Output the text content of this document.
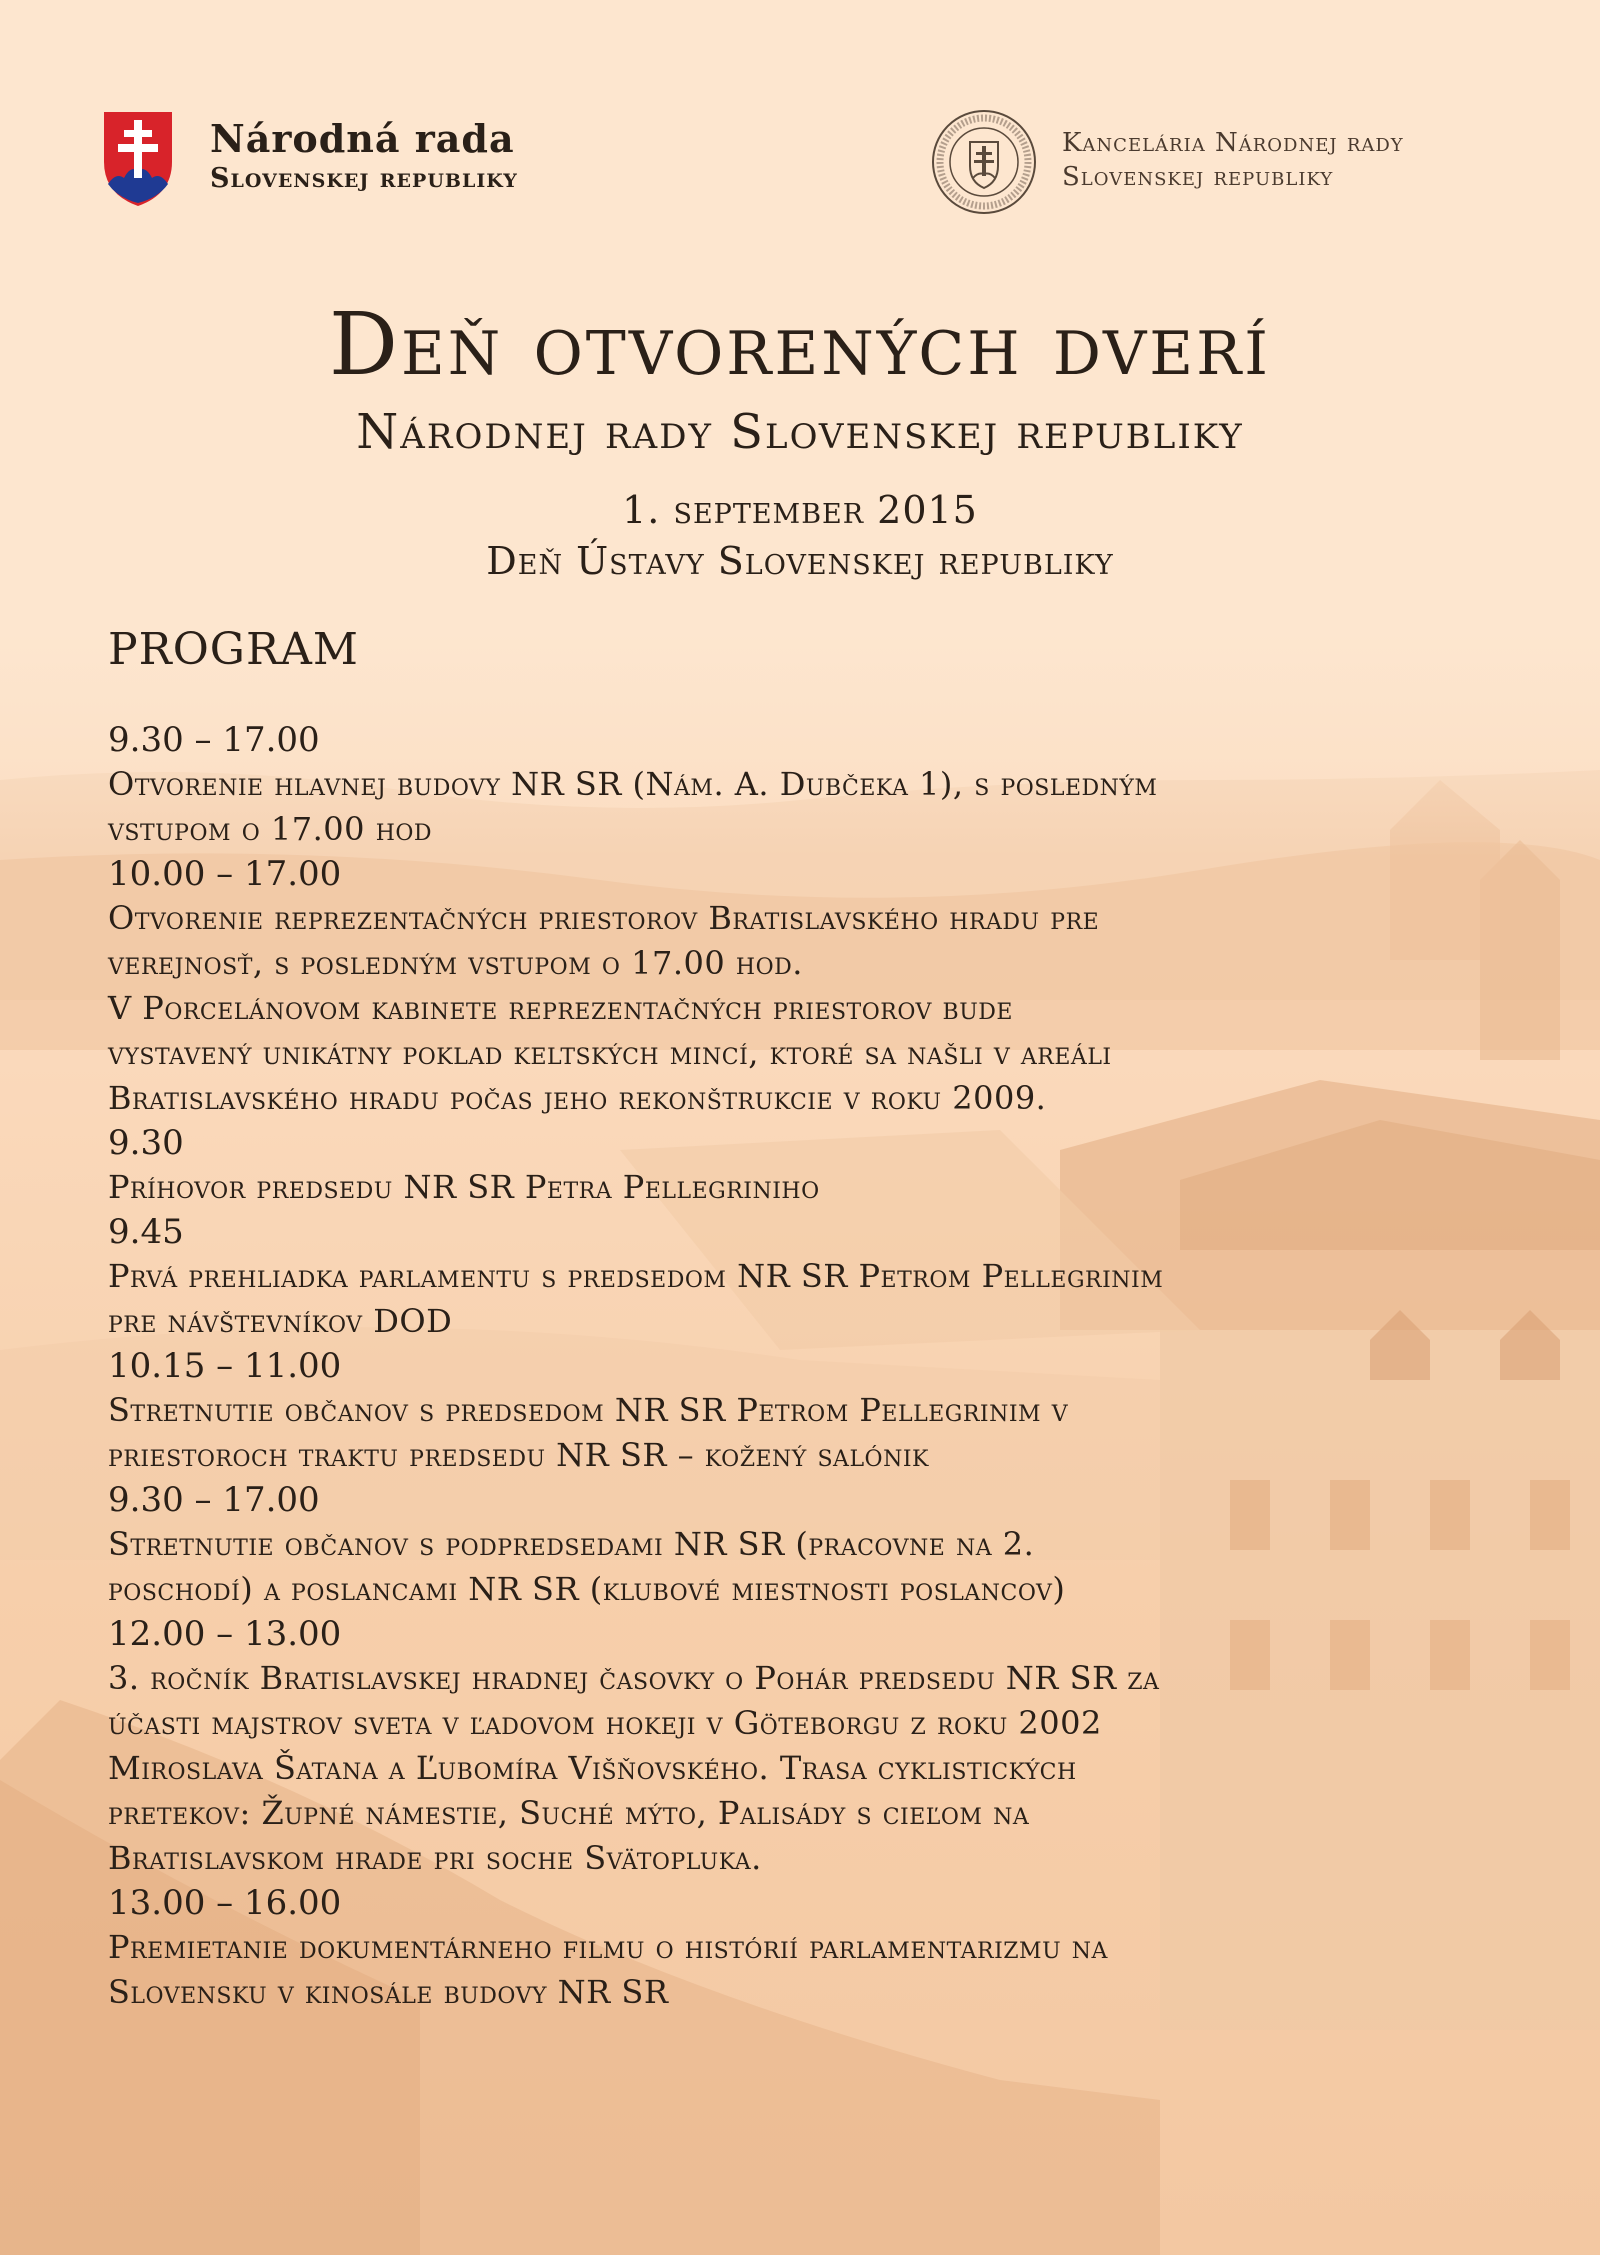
Národná rada
Slovenskej republiky
Kancelária Národnej rady
Slovenskej republiky
Deň otvorených dverí
Národnej rady Slovenskej republiky
1. september 2015
Deň Ústavy Slovenskej republiky
PROGRAM
9.30 – 17.00
Otvorenie hlavnej budovy NR SR (Nám. A. Dubčeka 1), s posledným
vstupom o 17.00 hod
10.00 – 17.00
Otvorenie reprezentačných priestorov Bratislavského hradu pre
verejnosť, s posledným vstupom o 17.00 hod.
V Porcelánovom kabinete reprezentačných priestorov bude
vystavený unikátny poklad keltských mincí, ktoré sa našli v areáli
Bratislavského hradu počas jeho rekonštrukcie v roku 2009.
9.30
Príhovor predsedu NR SR Petra Pellegriniho
9.45
Prvá prehliadka parlamentu s predsedom NR SR Petrom Pellegrinim
pre návštevníkov DOD
10.15 – 11.00
Stretnutie občanov s predsedom NR SR Petrom Pellegrinim v
priestoroch traktu predsedu NR SR – kožený salónik
9.30 – 17.00
Stretnutie občanov s podpredsedami NR SR (pracovne na 2.
poschodí) a poslancami NR SR (klubové miestnosti poslancov)
12.00 – 13.00
3. ročník Bratislavskej hradnej časovky o Pohár predsedu NR SR za
účasti majstrov sveta v ľadovom hokeji v Göteborgu z roku 2002
Miroslava Šatana a Ľubomíra Višňovského. Trasa cyklistických
pretekov: Župné námestie, Suché mýto, Palisády s cieľom na
Bratislavskom hrade pri soche Svätopluka.
13.00 – 16.00
Premietanie dokumentárneho filmu o histórií parlamentarizmu na
Slovensku v kinosále budovy NR SR
